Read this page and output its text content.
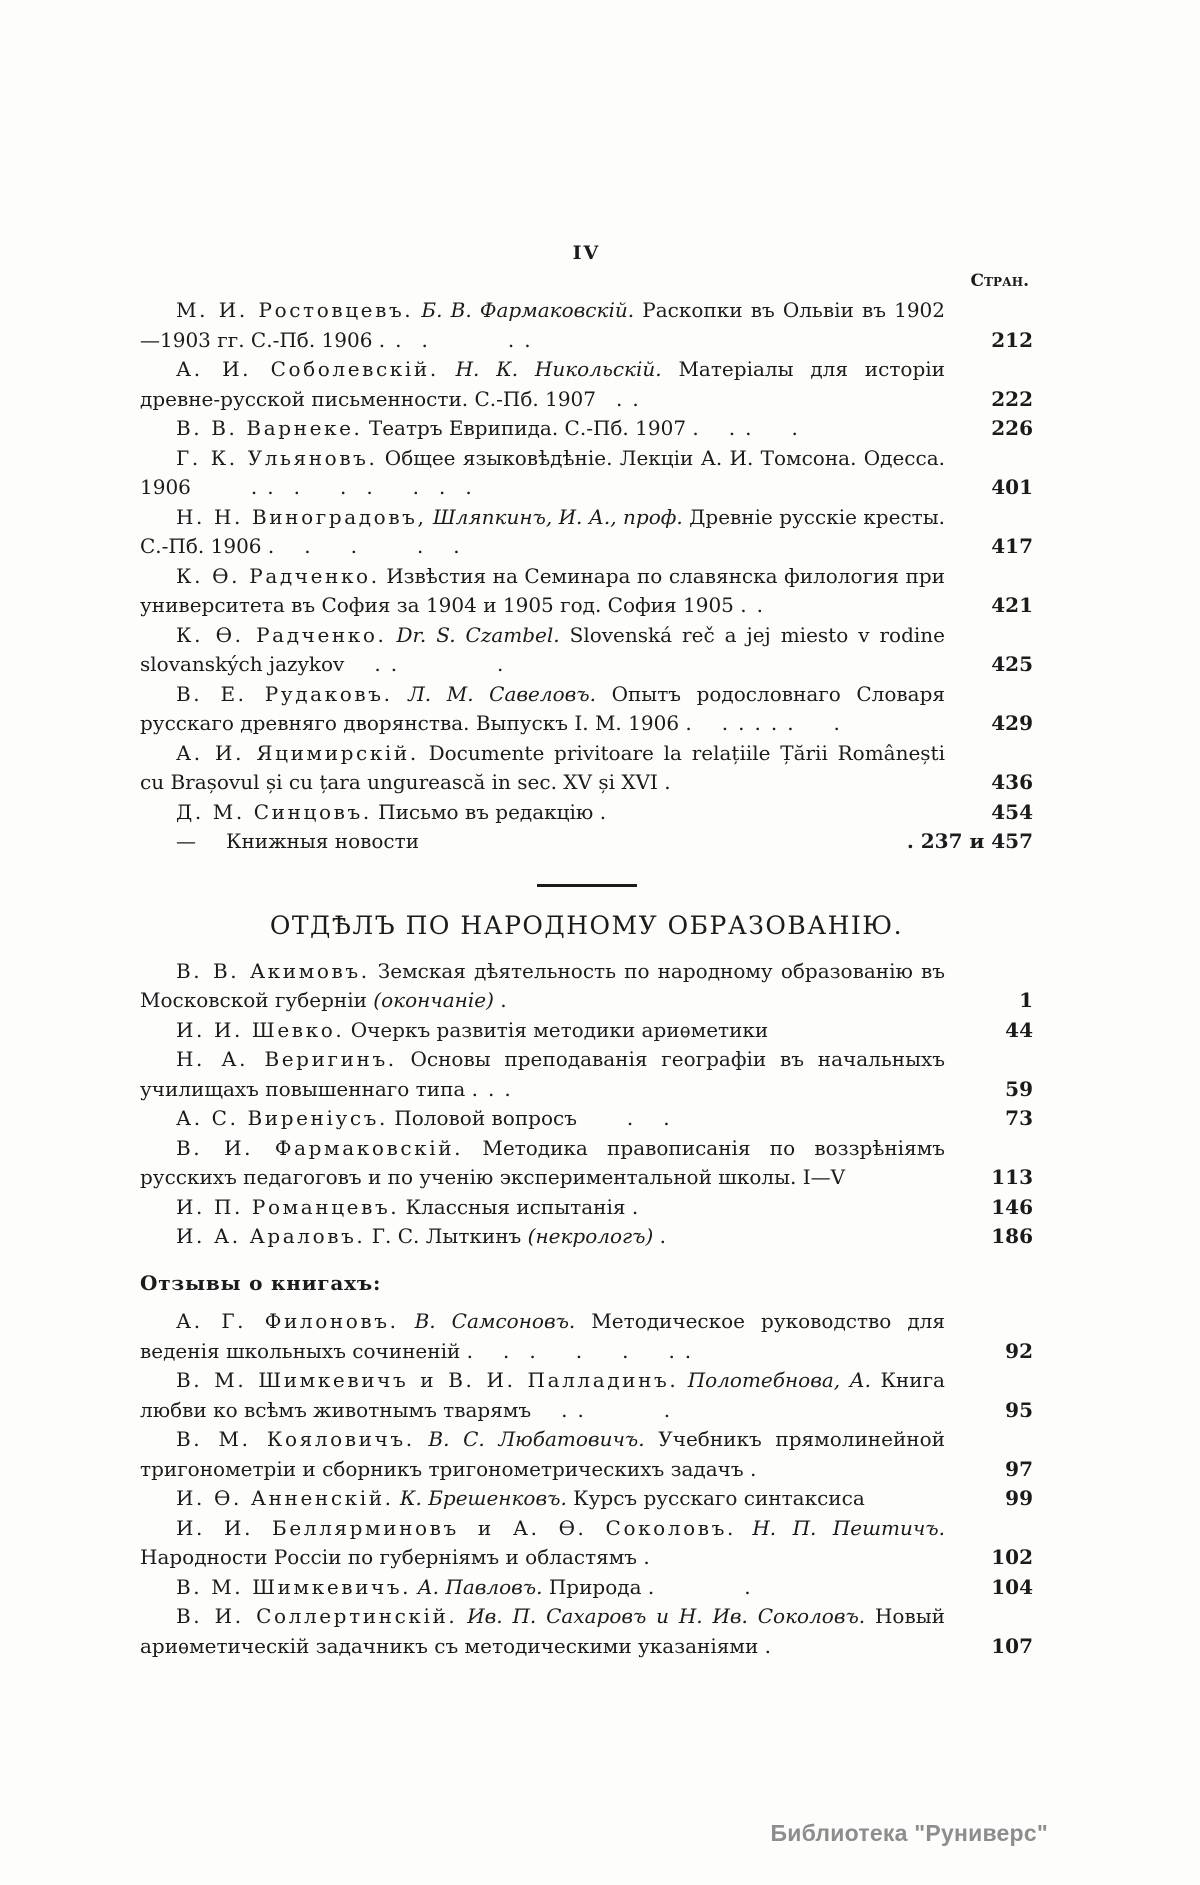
IV
Стран.
М. И. Ростовцевъ. Б. В. Фармаковскій. Раскопки въ Ольвіи въ 1902—1903 гг. С.-Пб. 1906 . . .    . .	212
А. И. Соболевскій. Н. К. Никольскій. Матеріалы для исторіи древне-русской письменности. С.-Пб. 1907 . .	222
В. В. Варнеке. Театръ Еврипида. С.-Пб. 1907 .  . .  .	226
Г. К. Ульяновъ. Общее языковѣдѣніе. Лекціи А. И. Томсона. Одесса. 1906   . . .  . .  . . .	401
Н. Н. Виноградовъ, Шляпкинъ, И. А., проф. Древніе русскіе кресты. С.-Пб. 1906 .  .  . 　　.  .	417
К. Ѳ. Радченко. Извѣстия на Семинара по славянска филология при университета въ София за 1904 и 1905 год. София 1905 . .	421
К. Ѳ. Радченко. Dr. S. Czambel. Slovenská reč a jej miesto v rodine slovanských jazykov  . .　　　　　.	425
В. Е. Рудаковъ. Л. М. Савеловъ. Опытъ родословнаго Словаря русскаго древняго дворянства. Выпускъ I. М. 1906 .  . . . . .  .	429
А. И. Яцимирскій. Documente privitoare la relațiile Țării Românești cu Brașovul și cu țara ungurească in sec. XV și XVI .	436
Д. М. Синцовъ. Письмо въ редакцію .	454
—  Книжныя новости	. 237 и 457
ОТДѢЛЪ ПО НАРОДНОМУ ОБРАЗОВАНІЮ.
В. В. Акимовъ. Земская дѣятельность по народному образованію въ Московской губерніи (окончаніе) .	1
И. И. Шевко. Очеркъ развитія методики ариѳметики	44
Н. А. Веригинъ. Основы преподаванія географіи въ начальныхъ училищахъ повышеннаго типа . . .	59
А. С. Виреніусъ. Половой вопросъ   .  .	73
В. И. Фармаковскій. Методика правописанія по воззрѣніямъ русскихъ педагоговъ и по ученію экспериментальной школы. I—V	113
И. П. Романцевъ. Классныя испытанія .	146
И. А. Араловъ. Г. С. Лыткинъ (некрологъ) .	186
Отзывы о книгахъ:
А. Г. Филоновъ. В. Самсоновъ. Методическое руководство для веденія школьныхъ сочиненій .  . .  . 　.　 . .	92
В. М. Шимкевичъ и В. И. Палладинъ. Полотебнова, А. Книга любви ко всѣмъ животнымъ тварямъ  . .　　　 .	95
В. М. Кояловичъ. В. С. Любатовичъ. Учебникъ прямолинейной тригонометріи и сборникъ тригонометрическихъ задачъ .	97
И. Ѳ. Анненскій. К. Брешенковъ. Курсъ русскаго синтаксиса	99
И. И. Беллярминовъ и А. Ѳ. Соколовъ. Н. П. Пештичъ. Народности Россіи по губерніямъ и областямъ .	102
В. М. Шимкевичъ. А. Павловъ. Природа .　　　  .	104
В. И. Соллертинскій. Ив. П. Сахаровъ и Н. Ив. Соколовъ. Новый ариѳметическій задачникъ съ методическими указаніями .	107
Библиотека "Руниверс"
